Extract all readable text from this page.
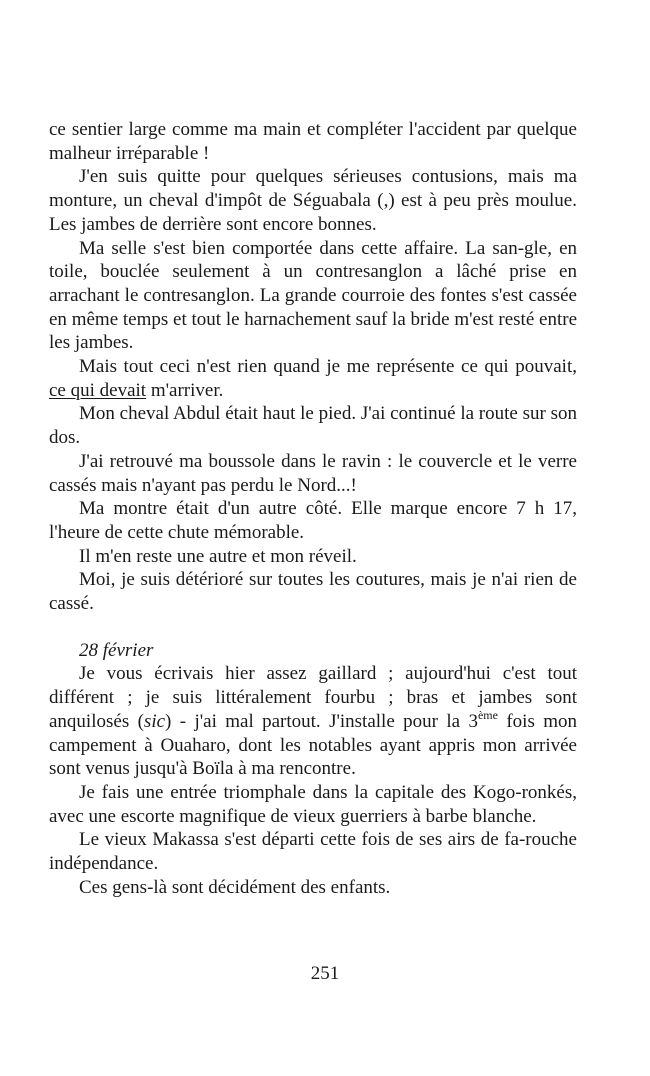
ce sentier large comme ma main et compléter l'accident par quelque malheur irréparable !

J'en suis quitte pour quelques sérieuses contusions, mais ma monture, un cheval d'impôt de Séguabala (,) est à peu près moulue. Les jambes de derrière sont encore bonnes.

Ma selle s'est bien comportée dans cette affaire. La san-gle, en toile, bouclée seulement à un contresanglon a lâché prise en arrachant le contresanglon. La grande courroie des fontes s'est cassée en même temps et tout le harnachement sauf la bride m'est resté entre les jambes.

Mais tout ceci n'est rien quand je me représente ce qui pouvait, ce qui devait m'arriver.

Mon cheval Abdul était haut le pied. J'ai continué la route sur son dos.

J'ai retrouvé ma boussole dans le ravin : le couvercle et le verre cassés mais n'ayant pas perdu le Nord...!

Ma montre était d'un autre côté. Elle marque encore 7 h 17, l'heure de cette chute mémorable.

Il m'en reste une autre et mon réveil.

Moi, je suis détérioré sur toutes les coutures, mais je n'ai rien de cassé.

28 février

Je vous écrivais hier assez gaillard ; aujourd'hui c'est tout différent ; je suis littéralement fourbu ; bras et jambes sont anquilosés (sic) - j'ai mal partout. J'installe pour la 3ème fois mon campement à Ouaharo, dont les notables ayant appris mon arrivée sont venus jusqu'à Boïla à ma rencontre.

Je fais une entrée triomphale dans la capitale des Kogo-ronkés, avec une escorte magnifique de vieux guerriers à barbe blanche.

Le vieux Makassa s'est départi cette fois de ses airs de fa-rouche indépendance.

Ces gens-là sont décidément des enfants.

251
